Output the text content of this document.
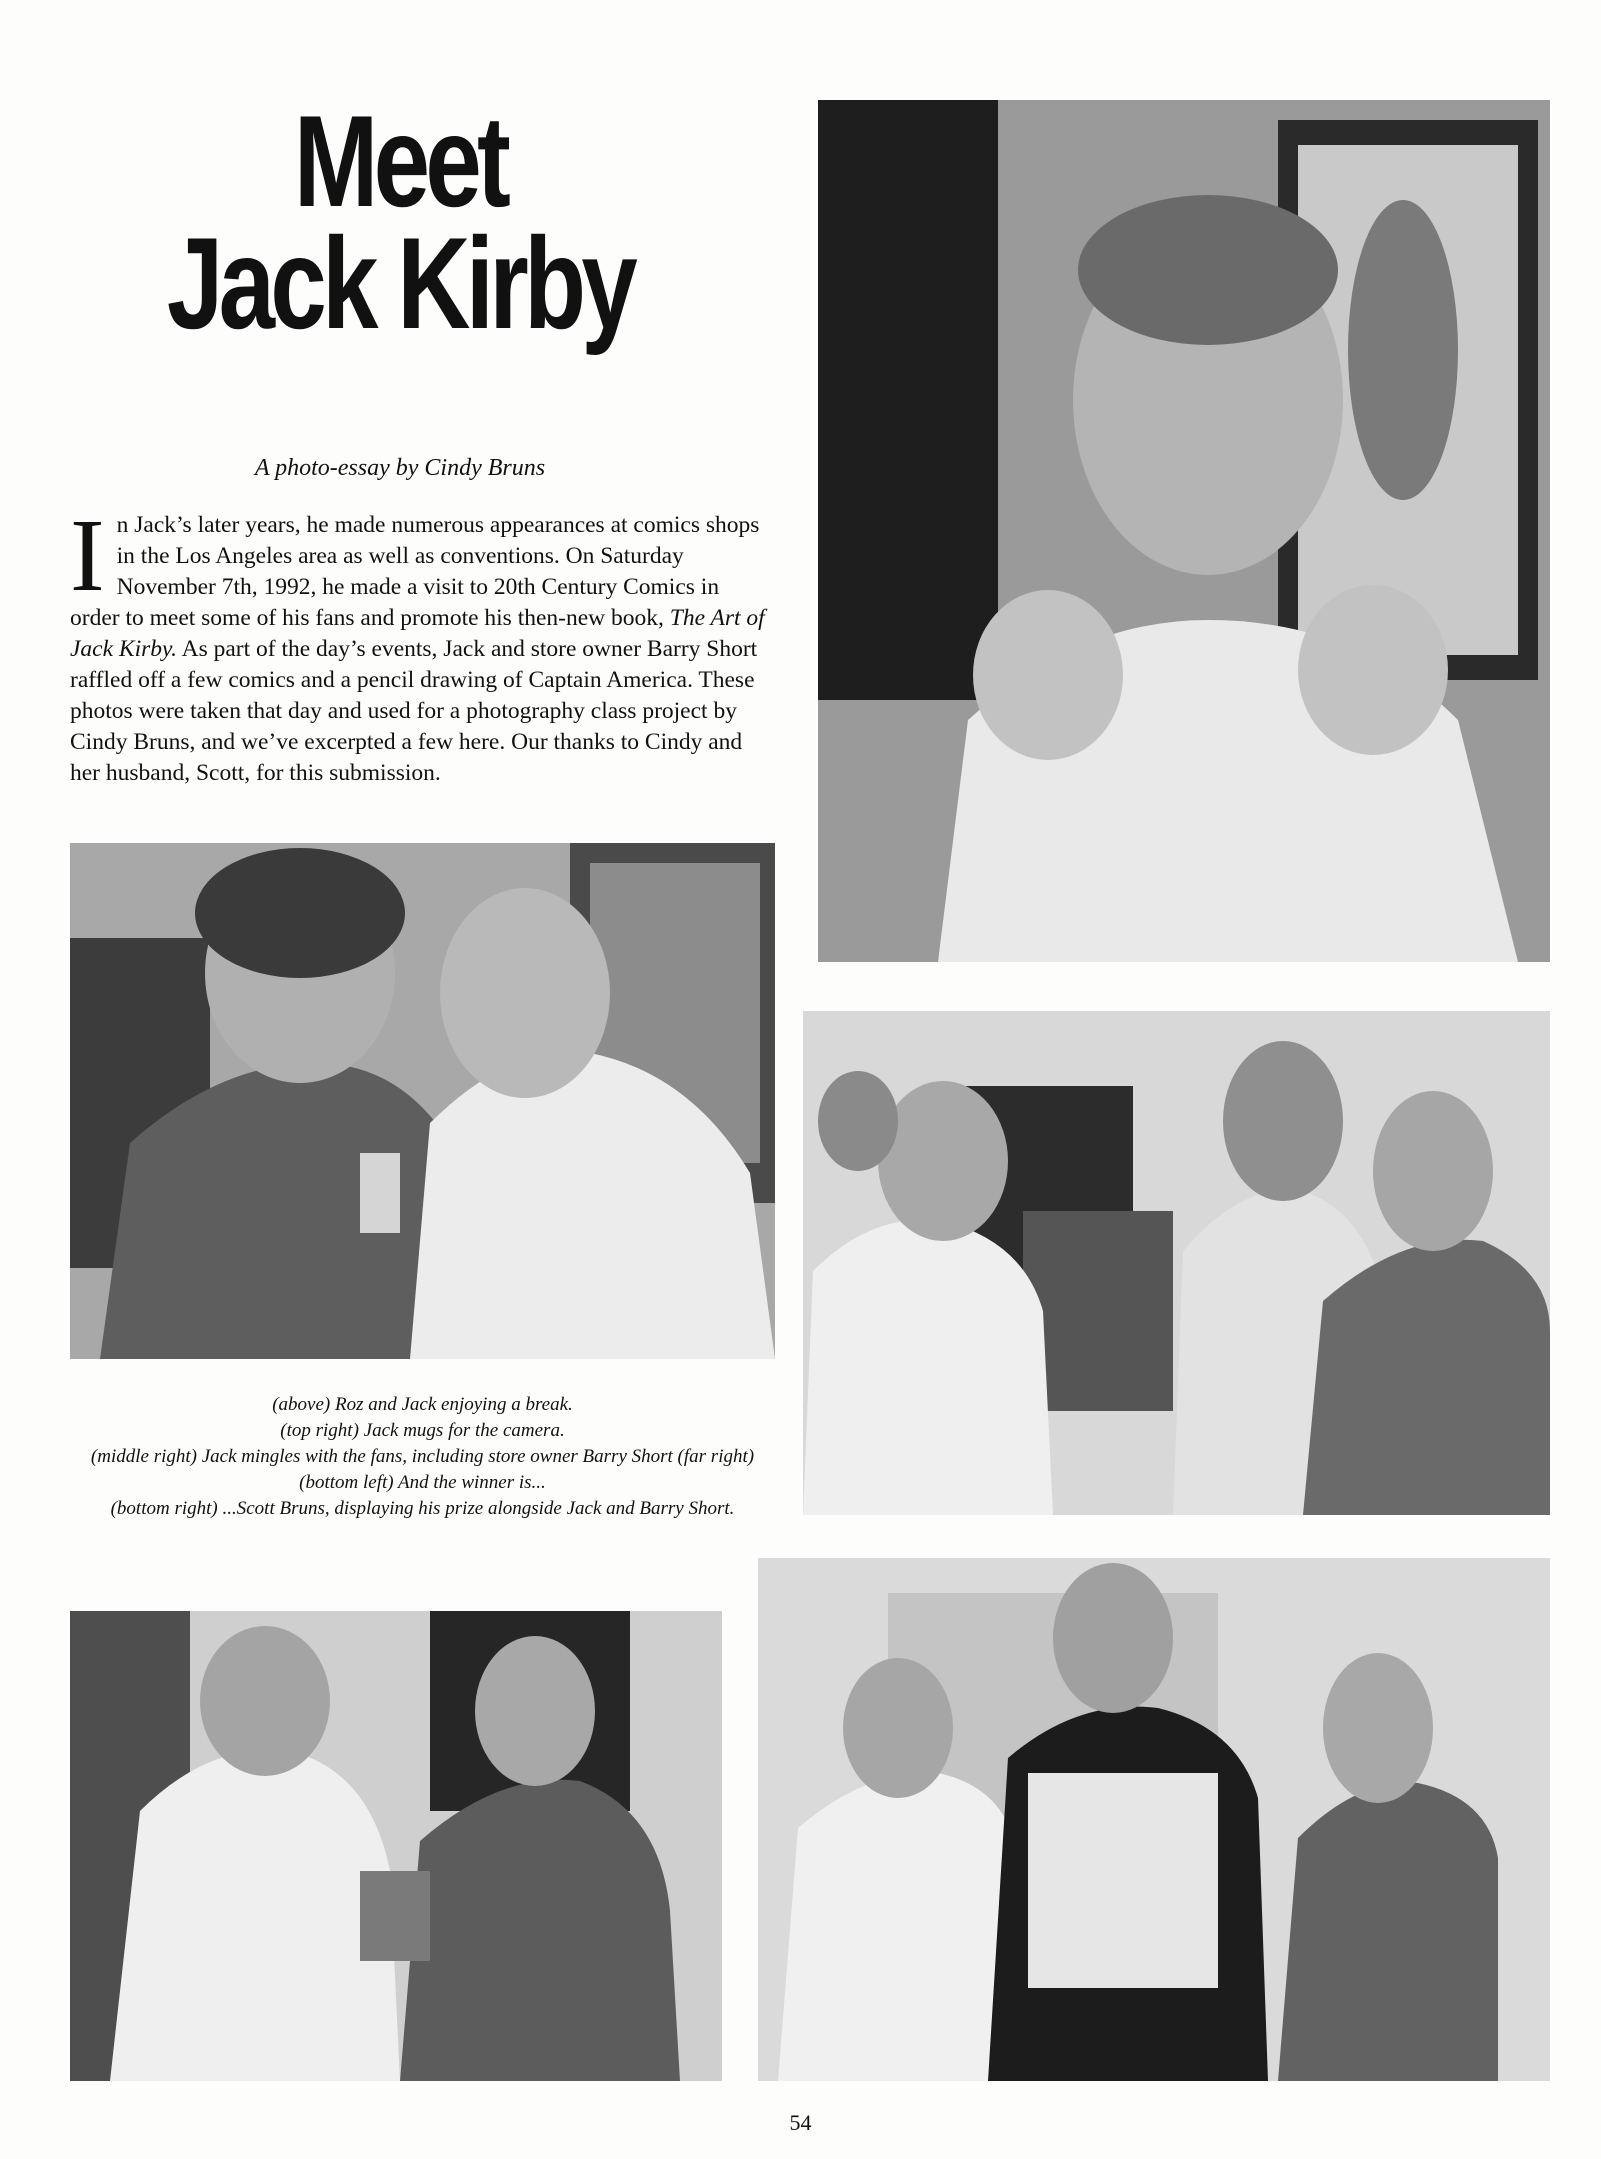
Meet
Jack Kirby
A photo-essay by Cindy Bruns

In Jack’s later years, he made numerous appearances at comics shops in the Los Angeles area as well as conventions. On Saturday November 7th, 1992, he made a visit to 20th Century Comics in order to meet some of his fans and promote his then-new book, The Art of Jack Kirby. As part of the day’s events, Jack and store owner Barry Short raffled off a few comics and a pencil drawing of Captain America. These photos were taken that day and used for a photography class project by Cindy Bruns, and we’ve excerpted a few here. Our thanks to Cindy and her husband, Scott, for this submission.

(above) Roz and Jack enjoying a break.
(top right) Jack mugs for the camera.
(middle right) Jack mingles with the fans, including store owner Barry Short (far right)
(bottom left) And the winner is...
(bottom right) ...Scott Bruns, displaying his prize alongside Jack and Barry Short.
54
